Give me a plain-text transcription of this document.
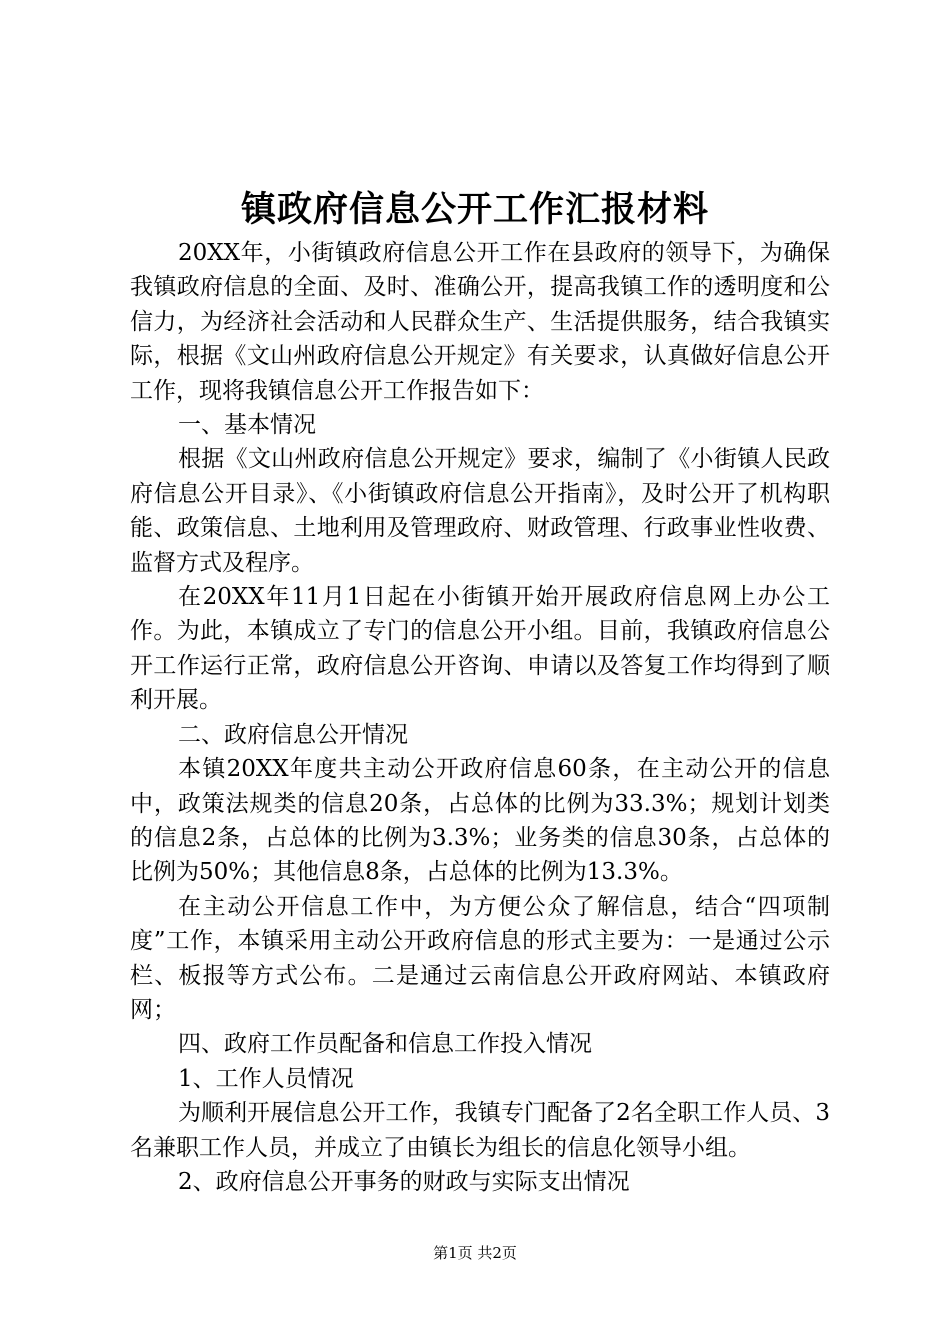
镇政府信息公开工作汇报材料

20XX年，小街镇政府信息公开工作在县政府的领导下，为确保我镇政府信息的全面、及时、准确公开，提高我镇工作的透明度和公信力，为经济社会活动和人民群众生产、生活提供服务，结合我镇实际，根据《文山州政府信息公开规定》有关要求，认真做好信息公开工作，现将我镇信息公开工作报告如下：

一、基本情况

根据《文山州政府信息公开规定》要求，编制了《小街镇人民政府信息公开目录》、《小街镇政府信息公开指南》，及时公开了机构职能、政策信息、土地利用及管理政府、财政管理、行政事业性收费、监督方式及程序。

在20XX年11月1日起在小街镇开始开展政府信息网上办公工作。为此，本镇成立了专门的信息公开小组。目前，我镇政府信息公开工作运行正常，政府信息公开咨询、申请以及答复工作均得到了顺利开展。

二、政府信息公开情况

本镇20XX年度共主动公开政府信息60条，在主动公开的信息中，政策法规类的信息20条，占总体的比例为33.3%；规划计划类的信息2条，占总体的比例为3.3%；业务类的信息30条，占总体的比例为50%；其他信息8条，占总体的比例为13.3%。

在主动公开信息工作中，为方便公众了解信息，结合“四项制度”工作，本镇采用主动公开政府信息的形式主要为：一是通过公示栏、板报等方式公布。二是通过云南信息公开政府网站、本镇政府网；

四、政府工作员配备和信息工作投入情况

1、工作人员情况

为顺利开展信息公开工作，我镇专门配备了2名全职工作人员、3名兼职工作人员，并成立了由镇长为组长的信息化领导小组。

2、政府信息公开事务的财政与实际支出情况

第1页 共2页
